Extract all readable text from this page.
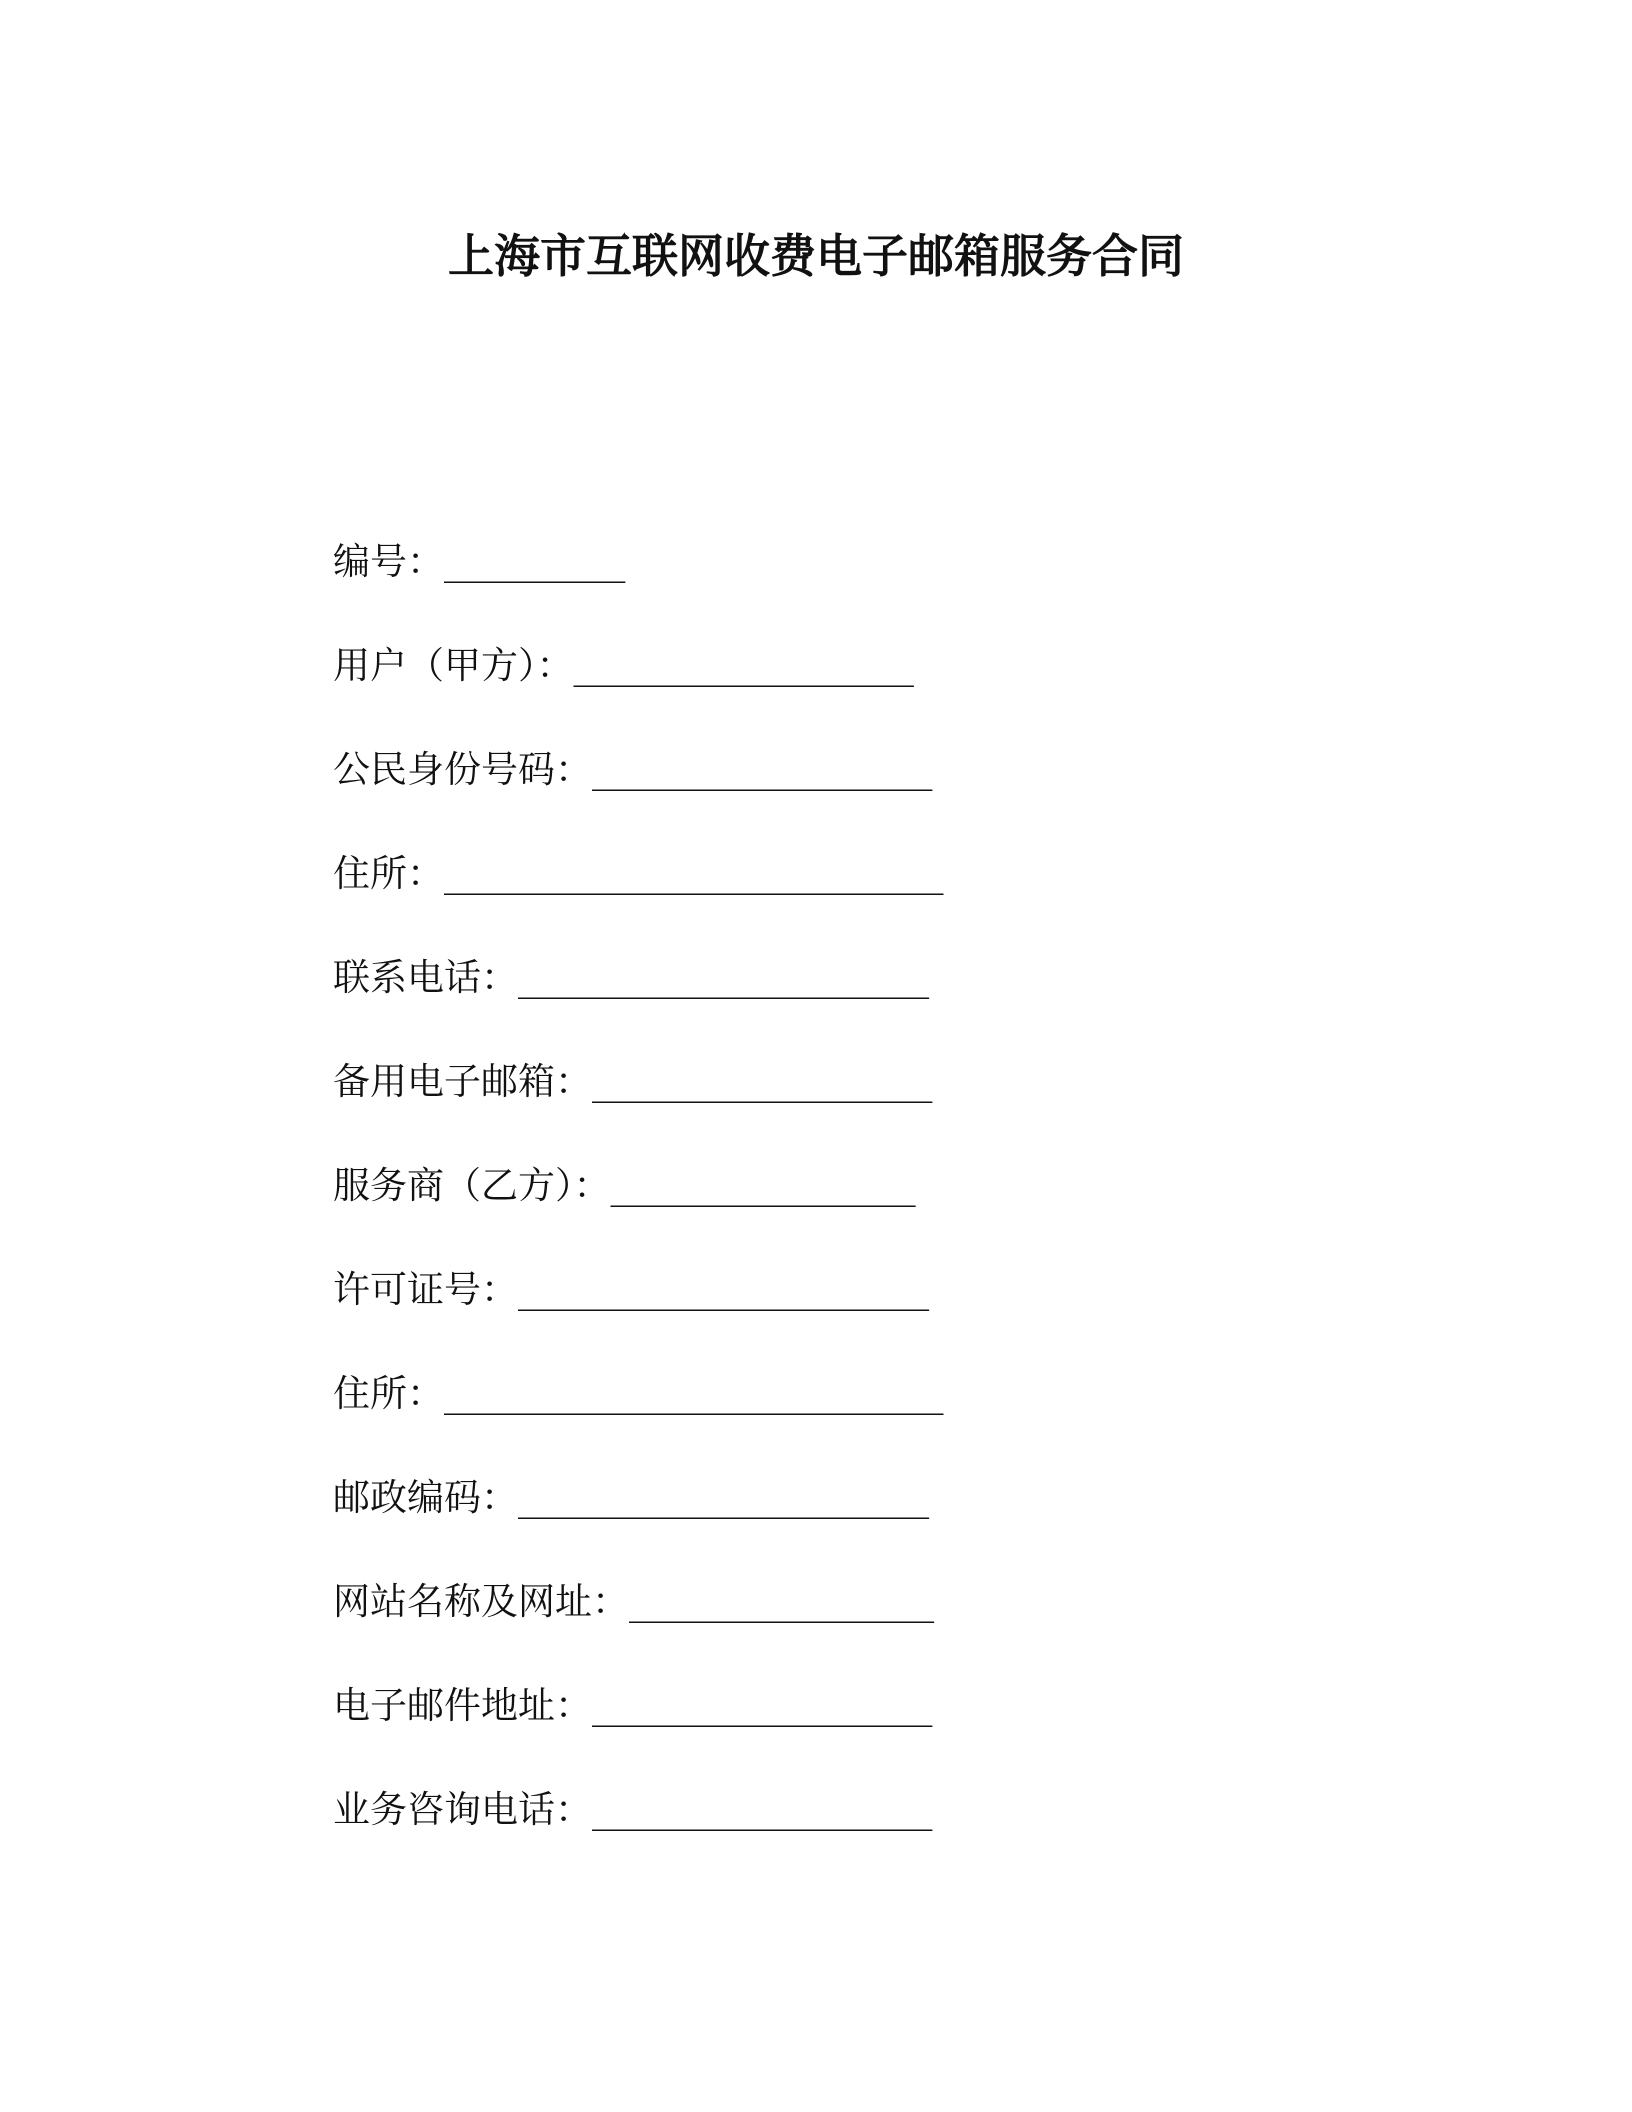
上海市互联网收费电子邮箱服务合同
编号： __________
用户（甲方）： ___________________
公民身份号码： ___________________
住所： ____________________________
联系电话： _______________________
备用电子邮箱： ___________________
服务商（乙方）： _________________
许可证号： _______________________
住所： ____________________________
邮政编码： _______________________
网站名称及网址： _________________
电子邮件地址： ___________________
业务咨询电话： ___________________
